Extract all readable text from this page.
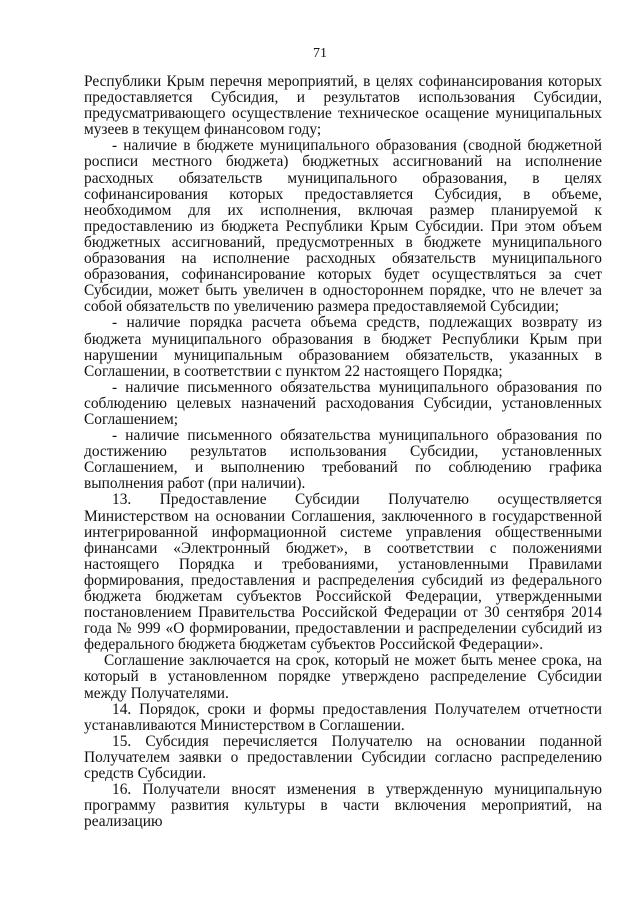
71

Республики Крым перечня мероприятий, в целях софинансирования которых предоставляется Субсидия, и результатов использования Субсидии, предусматривающего осуществление техническое осащение муниципальных музеев в текущем финансовом году;

- наличие в бюджете муниципального образования (сводной бюджетной росписи местного бюджета) бюджетных ассигнований на исполнение расходных обязательств муниципального образования, в целях софинансирования которых предоставляется Субсидия, в объеме, необходимом для их исполнения, включая размер планируемой к предоставлению из бюджета Республики Крым Субсидии. При этом объем бюджетных ассигнований, предусмотренных в бюджете муниципального образования на исполнение расходных обязательств муниципального образования, софинансирование которых будет осуществляться за счет Субсидии, может быть увеличен в одностороннем порядке, что не влечет за собой обязательств по увеличению размера предоставляемой Субсидии;

- наличие порядка расчета объема средств, подлежащих возврату из бюджета муниципального образования в бюджет Республики Крым при нарушении муниципальным образованием обязательств, указанных в Соглашении, в соответствии с пунктом 22 настоящего Порядка;

- наличие письменного обязательства муниципального образования по соблюдению целевых назначений расходования Субсидии, установленных Соглашением;

- наличие письменного обязательства муниципального образования по достижению результатов использования Субсидии, установленных Соглашением, и выполнению требований по соблюдению графика выполнения работ (при наличии).

13. Предоставление Субсидии Получателю осуществляется Министерством на основании Соглашения, заключенного в государственной интегрированной информационной системе управления общественными финансами «Электронный бюджет», в соответствии с положениями настоящего Порядка и требованиями, установленными Правилами формирования, предоставления и распределения субсидий из федерального бюджета бюджетам субъектов Российской Федерации, утвержденными постановлением Правительства Российской Федерации от 30 сентября 2014 года № 999 «О формировании, предоставлении и распределении субсидий из федерального бюджета бюджетам субъектов Российской Федерации».

Соглашение заключается на срок, который не может быть менее срока, на который в установленном порядке утверждено распределение Субсидии между Получателями.

14. Порядок, сроки и формы предоставления Получателем отчетности устанавливаются Министерством в Соглашении.

15. Субсидия перечисляется Получателю на основании поданной Получателем заявки о предоставлении Субсидии согласно распределению средств Субсидии.

16. Получатели вносят изменения в утвержденную муниципальную программу развития культуры в части включения мероприятий, на реализацию
